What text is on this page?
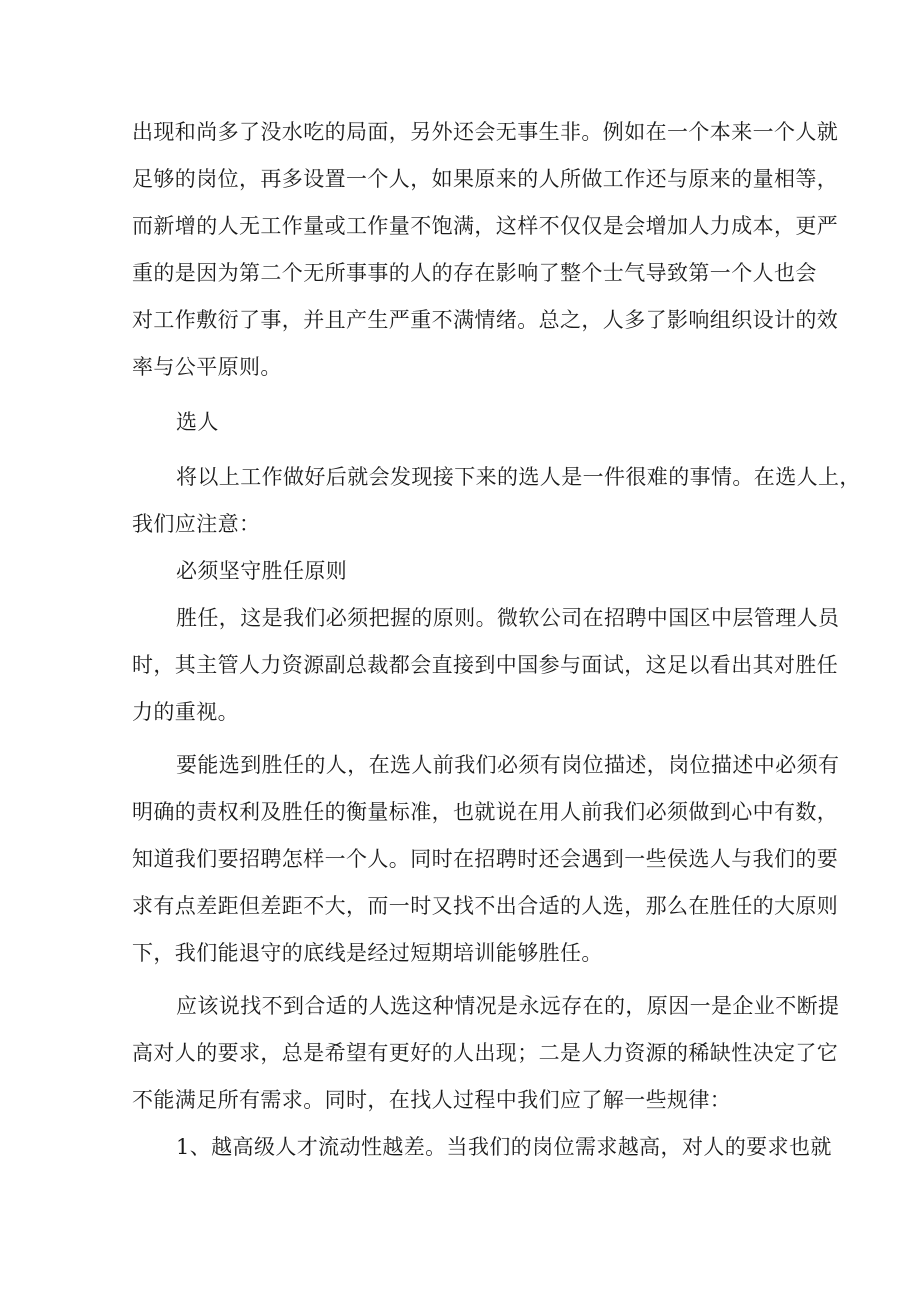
出现和尚多了没水吃的局面，另外还会无事生非。例如在一个本来一个人就
足够的岗位，再多设置一个人，如果原来的人所做工作还与原来的量相等，
而新增的人无工作量或工作量不饱满，这样不仅仅是会增加人力成本，更严
重的是因为第二个无所事事的人的存在影响了整个士气导致第一个人也会
对工作敷衍了事，并且产生严重不满情绪。总之，人多了影响组织设计的效
率与公平原则。
选人
将以上工作做好后就会发现接下来的选人是一件很难的事情。在选人上，
我们应注意：
必须坚守胜任原则
胜任，这是我们必须把握的原则。微软公司在招聘中国区中层管理人员
时，其主管人力资源副总裁都会直接到中国参与面试，这足以看出其对胜任
力的重视。
要能选到胜任的人，在选人前我们必须有岗位描述，岗位描述中必须有
明确的责权利及胜任的衡量标准，也就说在用人前我们必须做到心中有数，
知道我们要招聘怎样一个人。同时在招聘时还会遇到一些侯选人与我们的要
求有点差距但差距不大，而一时又找不出合适的人选，那么在胜任的大原则
下，我们能退守的底线是经过短期培训能够胜任。
应该说找不到合适的人选这种情况是永远存在的，原因一是企业不断提
高对人的要求，总是希望有更好的人出现；二是人力资源的稀缺性决定了它
不能满足所有需求。同时，在找人过程中我们应了解一些规律：
1、越高级人才流动性越差。当我们的岗位需求越高，对人的要求也就
